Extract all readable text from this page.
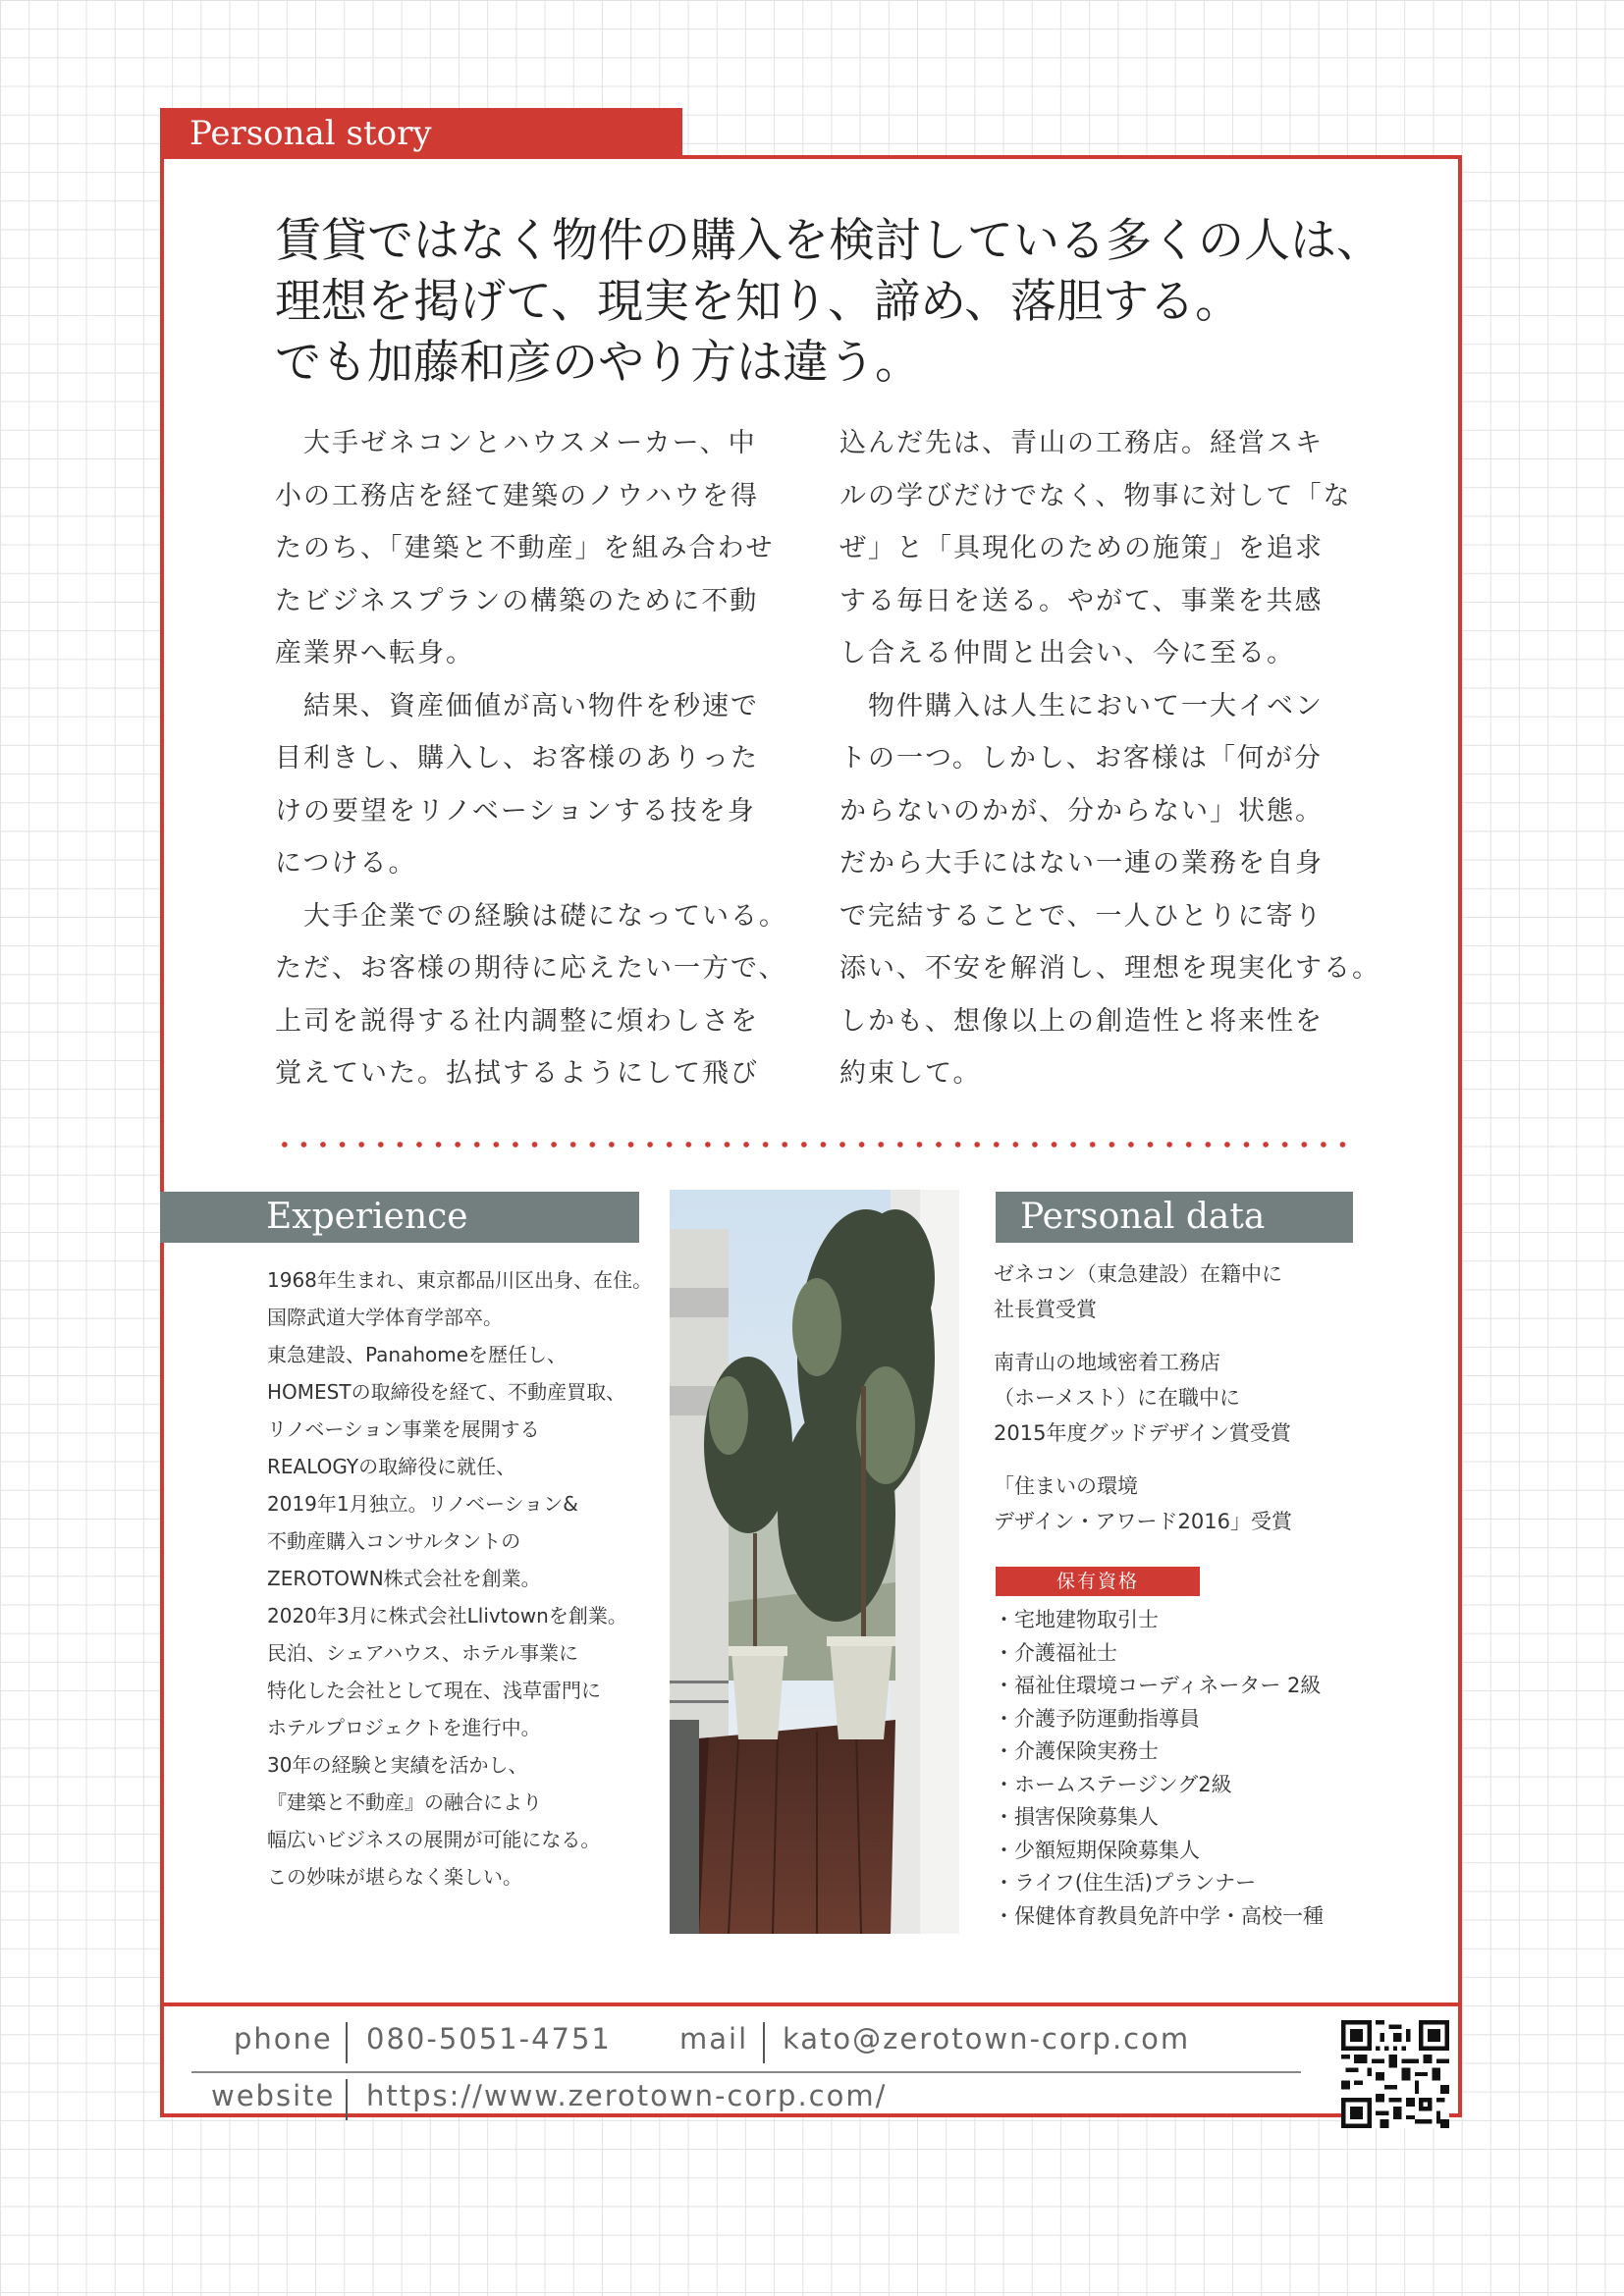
Personal story
賃貸ではなく物件の購入を検討している多くの人は、
理想を掲げて、現実を知り、諦め、落胆する。
でも加藤和彦のやり方は違う。
　大手ゼネコンとハウスメーカー、中
小の工務店を経て建築のノウハウを得
たのち、「建築と不動産」を組み合わせ
たビジネスプランの構築のために不動
産業界へ転身。
　結果、資産価値が高い物件を秒速で
目利きし、購入し、お客様のありった
けの要望をリノベーションする技を身
につける。
　大手企業での経験は礎になっている。
ただ、お客様の期待に応えたい一方で、
上司を説得する社内調整に煩わしさを
覚えていた。払拭するようにして飛び
込んだ先は、青山の工務店。経営スキ
ルの学びだけでなく、物事に対して「な
ぜ」と「具現化のための施策」を追求
する毎日を送る。やがて、事業を共感
し合える仲間と出会い、今に至る。
　物件購入は人生において一大イベン
トの一つ。しかし、お客様は「何が分
からないのかが、分からない」状態。
だから大手にはない一連の業務を自身
で完結することで、一人ひとりに寄り
添い、不安を解消し、理想を現実化する。
しかも、想像以上の創造性と将来性を
約束して。
Experience
1968年生まれ、東京都品川区出身、在住。
国際武道大学体育学部卒。
東急建設、Panahomeを歴任し、
HOMESTの取締役を経て、不動産買取、
リノベーション事業を展開する
REALOGYの取締役に就任、
2019年1月独立。リノベーション&
不動産購入コンサルタントの
ZEROTOWN株式会社を創業。
2020年3月に株式会社Llivtownを創業。
民泊、シェアハウス、ホテル事業に
特化した会社として現在、浅草雷門に
ホテルプロジェクトを進行中。
30年の経験と実績を活かし、
『建築と不動産』の融合により
幅広いビジネスの展開が可能になる。
この妙味が堪らなく楽しい。
Personal data
ゼネコン（東急建設）在籍中に
社長賞受賞
南青山の地域密着工務店
（ホーメスト）に在職中に
2015年度グッドデザイン賞受賞
「住まいの環境
デザイン・アワード2016」受賞
保有資格
・宅地建物取引士
・介護福祉士
・福祉住環境コーディネーター 2級
・介護予防運動指導員
・介護保険実務士
・ホームステージング2級
・損害保険募集人
・少額短期保険募集人
・ライフ(住生活)プランナー
・保健体育教員免許中学・高校一種
phone 080-5051-4751 mail kato@zerotown-corp.com
website https://www.zerotown-corp.com/
